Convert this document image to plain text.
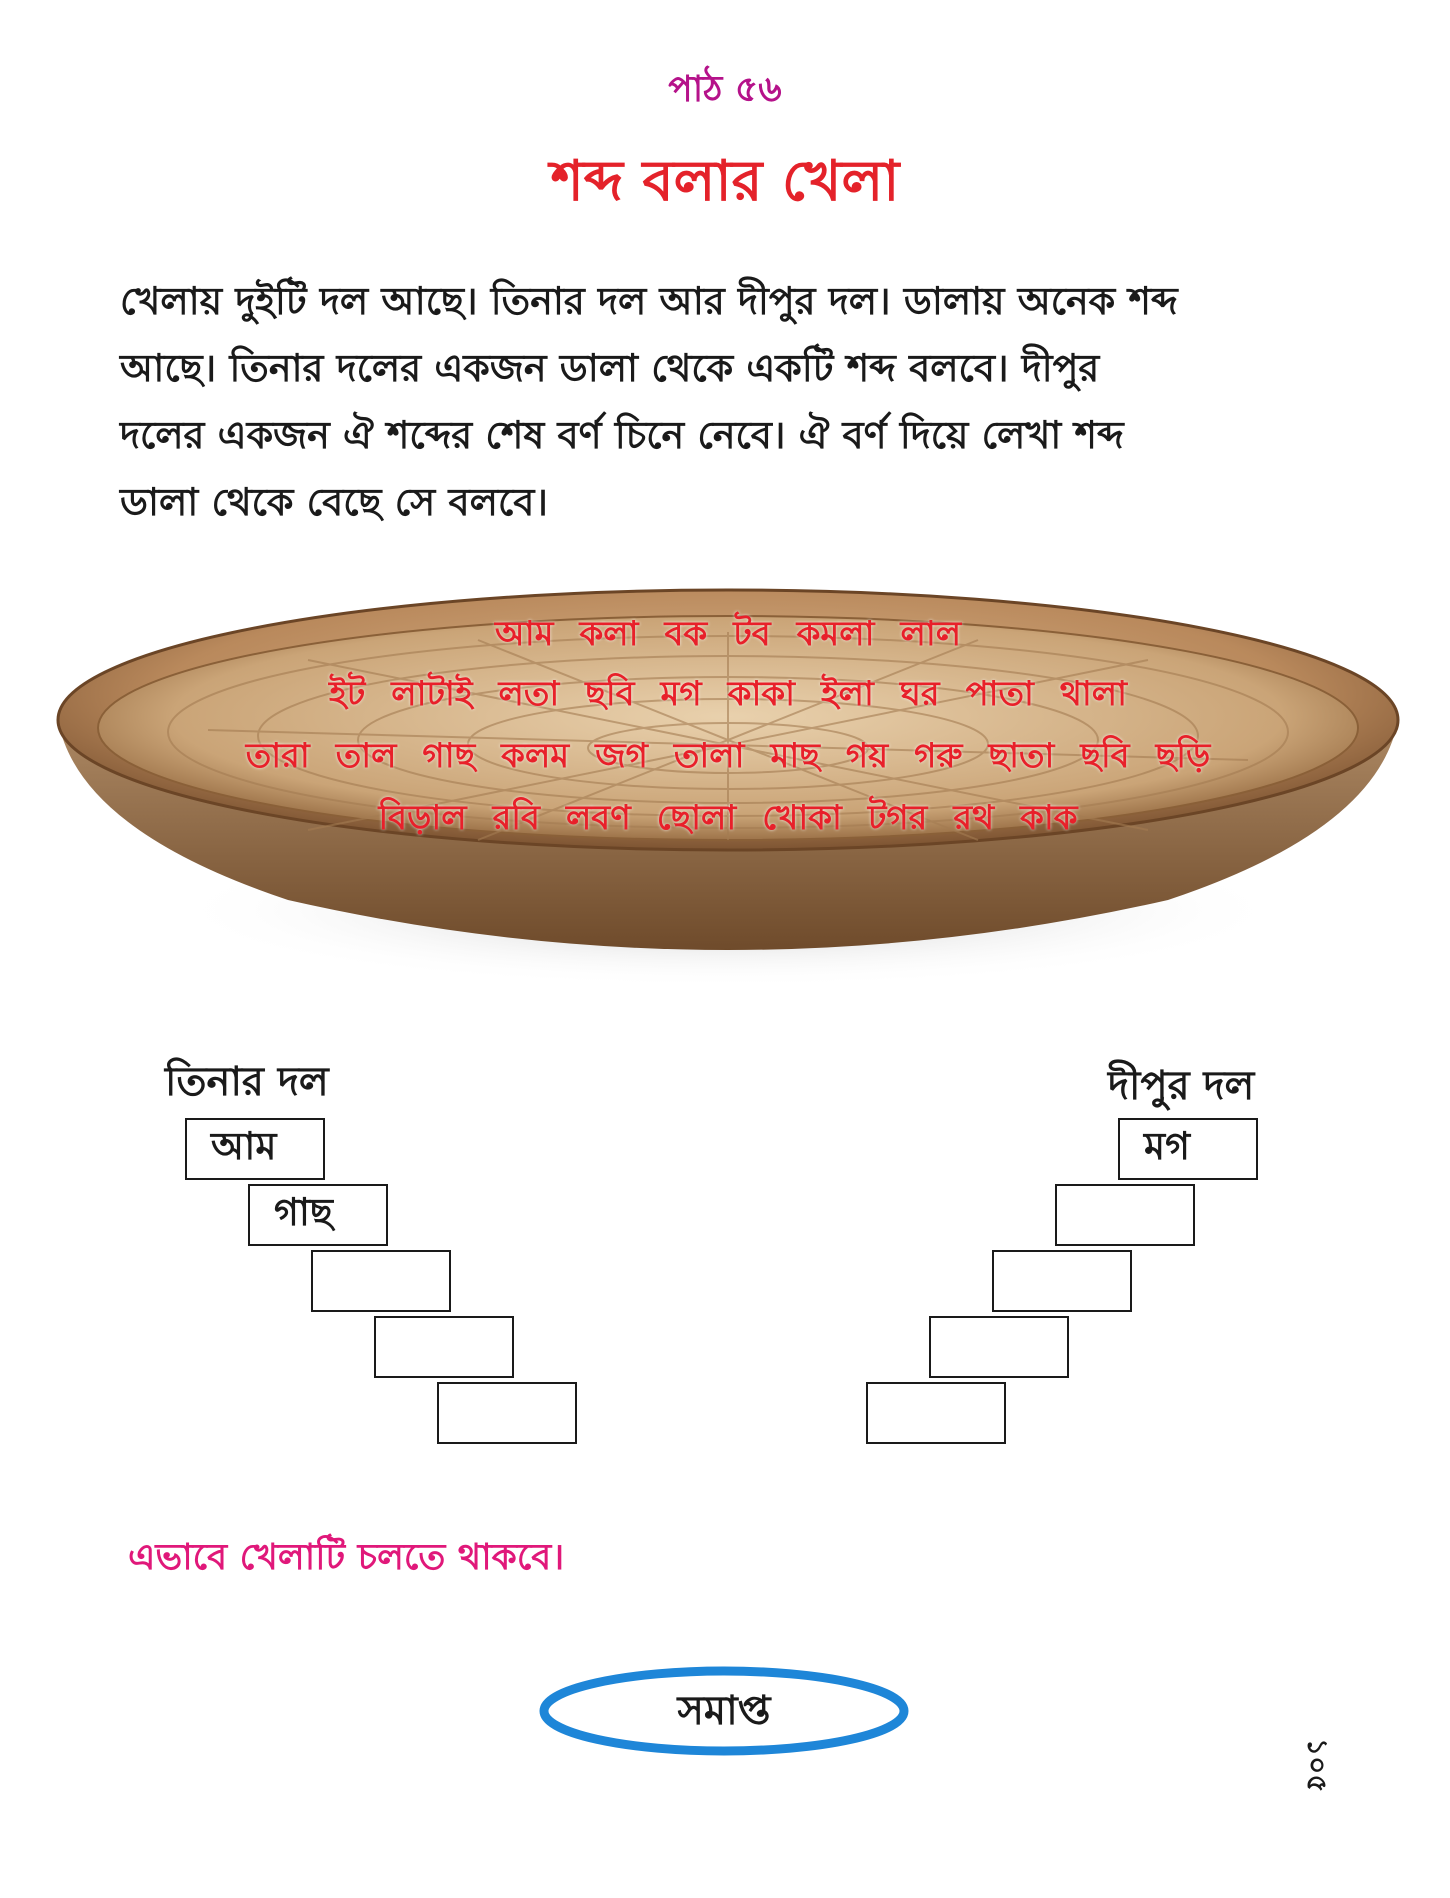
পাঠ ৫৬
শব্দ বলার খেলা

খেলায় দুইটি দল আছে। তিনার দল আর দীপুর দল। ডালায় অনেক শব্দ

আছে। তিনার দলের একজন ডালা থেকে একটি শব্দ বলবে। দীপুর

দলের একজন ঐ শব্দের শেষ বর্ণ চিনে নেবে। ঐ বর্ণ দিয়ে লেখা শব্দ

ডালা থেকে বেছে সে বলবে।

আম কলা বক টব কমলা লাল
ইট লাটাই লতা ছবি মগ কাকা ইলা ঘর পাতা থালা
তারা তাল গাছ কলম জগ তালা মাছ গয় গরু ছাতা ছবি ছড়ি
বিড়াল রবি লবণ ছোলা খোকা টগর রথ কাক
তিনার দল
আম
গাছ
দীপুর দল
মগ
এভাবে খেলাটি চলতে থাকবে।
সমাপ্ত
১০৫
